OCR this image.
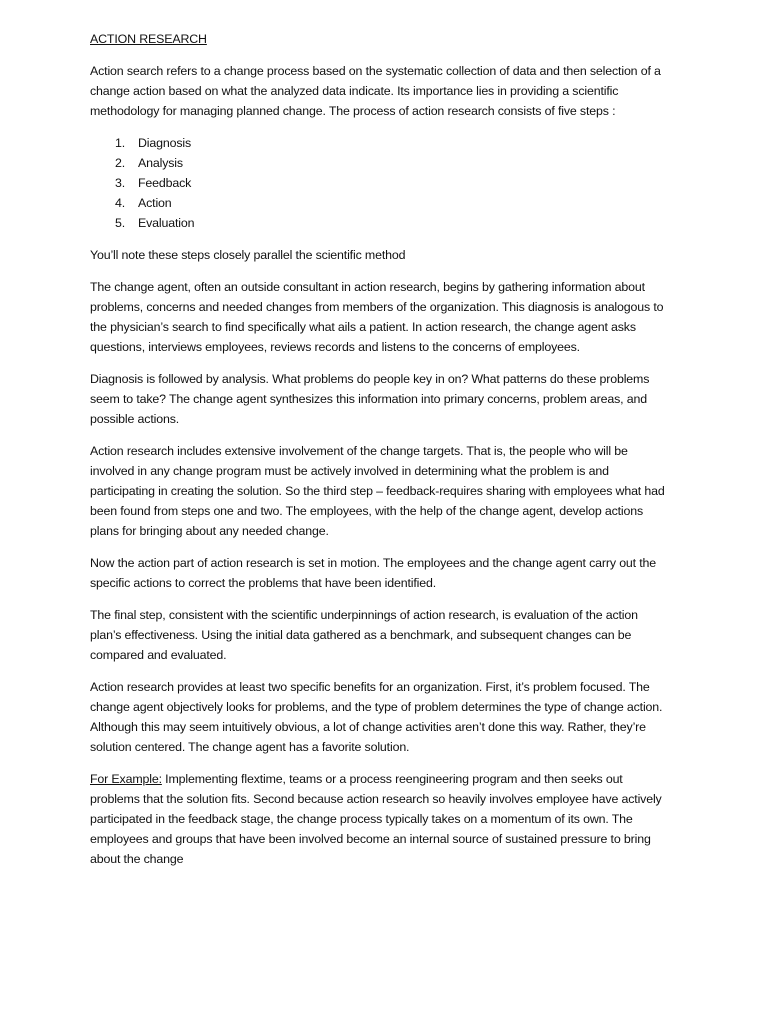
ACTION RESEARCH

Action search refers to a change process based on the systematic collection of data and then selection of a change action based on what the analyzed data indicate. Its importance lies in providing a scientific methodology for managing planned change. The process of action research consists of five steps :

1.	Diagnosis
2.	Analysis
3.	Feedback
4.	Action
5.	Evaluation

You’ll note these steps closely parallel the scientific method

The change agent, often an outside consultant in action research, begins by gathering information about problems, concerns and needed changes from members of the organization. This diagnosis is analogous to the physician’s search to find specifically what ails a patient. In action research, the change agent asks questions, interviews employees, reviews records and listens to the concerns of employees.

Diagnosis is followed by analysis. What problems do people key in on? What patterns do these problems seem to take? The change agent synthesizes this information into primary concerns, problem areas, and possible actions.

Action research includes extensive involvement of the change targets. That is, the people who will be involved in any change program must be actively involved in determining what the problem is and participating in creating the solution. So the third step – feedback-requires sharing with employees what had been found from steps one and two. The employees, with the help of the change agent, develop actions plans for bringing about any needed change.

Now the action part of action research is set in motion. The employees and the change agent carry out the specific actions to correct the problems that have been identified.

The final step, consistent with the scientific underpinnings of action research, is evaluation of the action plan’s effectiveness. Using the initial data gathered as a benchmark, and subsequent changes can be compared and evaluated.

Action research provides at least two specific benefits for an organization. First, it’s problem focused. The change agent objectively looks for problems, and the type of problem determines the type of change action. Although this may seem intuitively obvious, a lot of change activities aren’t done this way. Rather, they’re solution centered. The change agent has a favorite solution.

For Example: Implementing flextime, teams or a process reengineering program and then seeks out problems that the solution fits. Second because action research so heavily involves employee have actively participated in the feedback stage, the change process typically takes on a momentum of its own. The employees and groups that have been involved become an internal source of sustained pressure to bring about the change
